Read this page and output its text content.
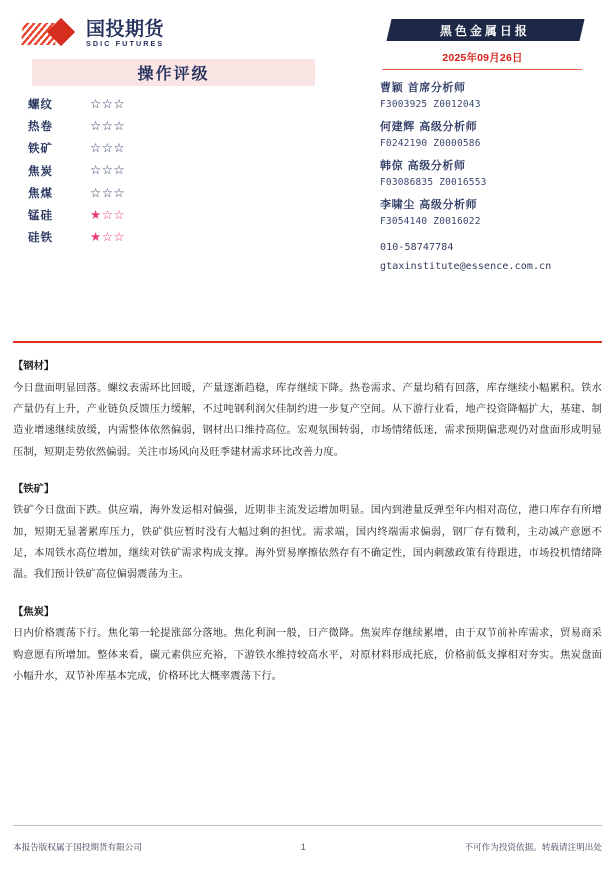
国投期货
SDIC FUTURES
操作评级
螺纹	☆☆☆
热卷	☆☆☆
铁矿	☆☆☆
焦炭	☆☆☆
焦煤	☆☆☆
锰硅	★☆☆
硅铁	★☆☆
黑色金属日报
2025年09月26日
曹颖 首席分析师
F3003925 Z0012043
何建辉 高级分析师
F0242190 Z0000586
韩倞 高级分析师
F03086835 Z0016553
李啸尘 高级分析师
F3054140 Z0016022
010-58747784
gtaxinstitute@essence.com.cn
【钢材】
今日盘面明显回落。螺纹表需环比回暖，产量逐渐趋稳，库存继续下降。热卷需求、产量均稍有回落，库存继续小幅累积。铁水产量仍有上升，产业链负反馈压力缓解，不过吨钢利润欠佳制约进一步复产空间。从下游行业看，地产投资降幅扩大，基建、制造业增速继续放缓，内需整体依然偏弱，钢材出口维持高位。宏观氛围转弱，市场情绪低迷，需求预期偏悲观仍对盘面形成明显压制，短期走势依然偏弱。关注市场风向及旺季建材需求环比改善力度。
【铁矿】
铁矿今日盘面下跌。供应端，海外发运相对偏强，近期非主流发运增加明显。国内到港量反弹至年内相对高位，港口库存有所增加，短期无显著累库压力，铁矿供应暂时没有大幅过剩的担忧。需求端，国内终端需求偏弱，钢厂存有微利，主动减产意愿不足，本周铁水高位增加，继续对铁矿需求构成支撑。海外贸易摩擦依然存有不确定性，国内刺激政策有待跟进，市场投机情绪降温。我们预计铁矿高位偏弱震荡为主。
【焦炭】
日内价格震荡下行。焦化第一轮提涨部分落地。焦化利润一般，日产微降。焦炭库存继续累增，由于双节前补库需求，贸易商采购意愿有所增加。整体来看，碳元素供应充裕，下游铁水维持较高水平，对原材料形成托底，价格前低支撑相对夯实。焦炭盘面小幅升水，双节补库基本完成，价格环比大概率震荡下行。
本报告版权属于国投期货有限公司	1	不可作为投资依据。转载请注明出处
